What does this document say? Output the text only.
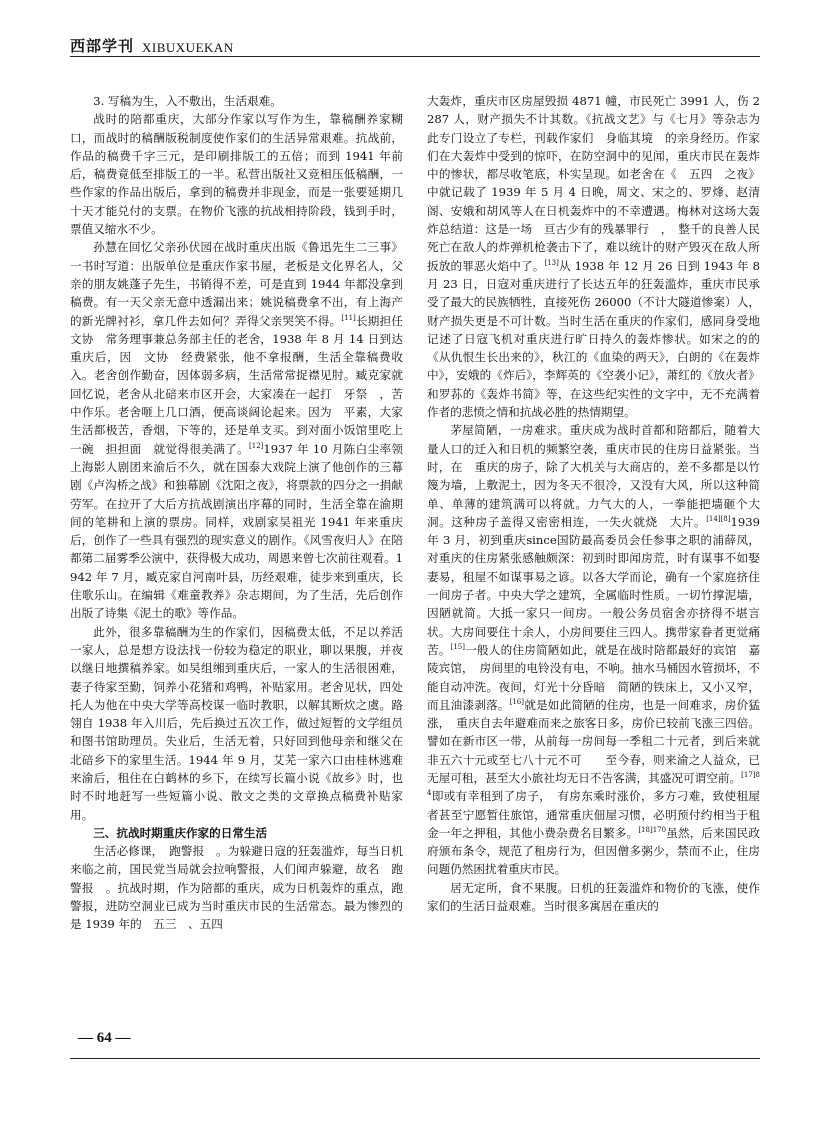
西部学刊 XIBUXUEKAN

3. 写稿为生，入不敷出，生活艰难。

战时的陪都重庆，大部分作家以写作为生，靠稿酬养家糊口，而战时的稿酬版税制度使作家们的生活异常艰难。抗战前，作品的稿费千字三元，是印刷排版工的五倍；而到 1941 年前后，稿费竟低至排版工的一半。私营出版社又竞相压低稿酬，一些作家的作品出版后，拿到的稿费并非现金，而是一张要延期几十天才能兑付的支票。在物价飞涨的抗战相持阶段，钱到手时，票值又缩水不少。

孙慧在回忆父亲孙伏园在战时重庆出版《鲁迅先生二三事》一书时写道：出版单位是重庆作家书屋，老板是文化界名人，父亲的朋友姚蓬子先生，书销得不差，可是直到 1944 年都没拿到稿费。有一天父亲无意中透漏出来；姚说稿费拿不出，有上海产的新光牌衬衫，拿几件去如何？弄得父亲哭笑不得。[11]长期担任　文协　常务理事兼总务部主任的老舍，1938 年 8 月 14 日到达重庆后，因　文协　经费紧张，他不拿报酬，生活全靠稿费收入。老舍创作勤奋，因体弱多病，生活常常捉襟见肘。臧克家就回忆说，老舍从北碚来市区开会，大家凑在一起打　牙祭　，苦中作乐。老舍咂上几口酒，便高谈阔论起来。因为　平素，大家生活都极苦，香烟，下等的，还是单支买。到对面小饭馆里吃上一碗　担担面　就觉得很美满了。[12]1937 年 10 月陈白尘率领上海影人剧团来渝后不久，就在国泰大戏院上演了他创作的三幕剧《卢沟桥之战》和独幕剧《沈阳之夜》，将票款的四分之一捐献劳军。在拉开了大后方抗战剧演出序幕的同时，生活全靠在渝期间的笔耕和上演的票房。同样，戏剧家吴祖光 1941 年来重庆后，创作了一些具有强烈的现实意义的剧作。《风雪夜归人》在陪都第二届雾季公演中，获得极大成功，周恩来曾七次前往观看。1942 年 7 月，臧克家自河南叶县，历经艰难，徒步来到重庆，长住歌乐山。在编辑《难童教养》杂志期间，为了生活，先后创作出版了诗集《泥土的歌》等作品。

此外，很多靠稿酬为生的作家们，因稿费太低，不足以养活一家人，总是想方设法找一份较为稳定的职业，聊以果腹，并夜以继日地撰稿养家。如吴组缃到重庆后，一家人的生活很困难，妻子待家至勤，饲养小花猪和鸡鸭，补贴家用。老舍见状，四处托人为他在中央大学等高校谋一临时教职，以解其断炊之虞。路翎自 1938 年入川后，先后换过五次工作，做过短暂的文学组员和图书馆助理员。失业后，生活无着，只好回到他母亲和继父在北碚乡下的家里生活。1944 年 9 月，艾芜一家六口由桂林逃难来渝后，租住在白鹤林的乡下，在续写长篇小说《故乡》时，也时不时地赶写一些短篇小说、散文之类的文章换点稿费补贴家用。

三、抗战时期重庆作家的日常生活

生活必修课，　跑警报　。为躲避日寇的狂轰滥炸，每当日机来临之前，国民党当局就会拉响警报，人们闻声躲避，故名　跑警报　。抗战时期，作为陪都的重庆，成为日机轰炸的重点，跑警报，进防空洞业已成为当时重庆市民的生活常态。最为惨烈的是 1939 年的　五三　、五四

大轰炸，重庆市区房屋毁损 4871 幢，市民死亡 3991 人，伤 2287 人，财产损失不计其数。《抗战文艺》与《七月》等杂志为此专门设立了专栏，刊载作家们　身临其境　的亲身经历。作家们在大轰炸中受到的惊吓，在防空洞中的见闻，重庆市民在轰炸中的惨状，都尽收笔底，朴实呈现。如老舍在《　五四　之夜》中就记载了 1939 年 5 月 4 日晚，周文、宋之的、罗烽、赵清阁、安娥和胡风等人在日机轰炸中的不幸遭遇。梅林对这场大轰炸总结道：这是一场　亘古少有的残暴罪行　，　整千的良善人民死亡在敌人的炸弹机枪袭击下了，难以统计的财产毁灭在敌人所扳放的罪恶火焰中了。[13]从 1938 年 12 月 26 日到 1943 年 8 月 23 日，日寇对重庆进行了长达五年的狂轰滥炸，重庆市民承受了最大的民族牺牲，直接死伤 26000（不计大隧道惨案）人，财产损失更是不可计数。当时生活在重庆的作家们，感同身受地记述了日寇飞机对重庆进行旷日持久的轰炸惨状。如宋之的的《从仇恨生长出来的》，秋江的《血染的两天》，白朗的《在轰炸中》，安娥的《炸后》，李辉英的《空袭小记》，萧红的《放火者》和罗荪的《轰炸书简》等，在这些纪实性的文字中，无不充满着作者的悲愤之情和抗战必胜的热情期望。

茅屋简陋，一房难求。重庆成为战时首都和陪都后，随着大量人口的迁入和日机的频繁空袭，重庆市民的住房日益紧张。当时，在　重庆的房子，除了大机关与大商店的，差不多都是以竹篾为墙，上敷泥土，因为冬天不很冷，又没有大风，所以这种简单、单薄的建筑满可以将就。力气大的人，一拳能把墙砸个大洞。这种房子盖得又密密相连，一失火就烧　大片。[14][8]1939 年 3 月，初到重庆since国防最高委员会任参事之职的浦薛凤，对重庆的住房紧张感触颇深：初到时即闻房荒，时有谋事不如娶妻易，租屋不如谋事易之谚。以各大学而论，确有一个家庭挤住一间房子者。中央大学之建筑，全属临时性质。一切竹撑泥墙，因陋就简。大抵一家只一间房。一般公务员宿舍亦挤得不堪言状。大房间要住十余人，小房间要住三四人。携带家眷者更觉痛苦。[15]一般人的住房简陋如此，就是在战时陪都最好的宾馆　嘉陵宾馆，　房间里的电铃没有电，不响。抽水马桶因水管损坏，不能自动冲洗。夜间，灯光十分昏暗　简陋的铁床上，又小又窄，而且油漆剥落。[16]就是如此简陋的住房，也是一间难求，房价猛涨，　重庆自去年避难而来之旅客日多，房价已较前飞涨三四倍。譬如在新市区一带，从前每一房间每一季租二十元者，到后来就非五六十元或至七八十元不可　　至今春，则来渝之人益众，已无屋可租，甚至大小旅社均无日不告客满，其盛况可谓空前。$^{[17]84}$即或有幸租到了房子，　有房东乘时涨价，多方刁难，致使租屋者甚至宁愿暂住旅馆，通常重庆佃屋习惯，必明预付约相当于租金一年之押租，其他小费杂费名目繁多。$^{[18]170}$虽然，后来国民政府颁布条令，规范了租房行为，但因僧多粥少，禁而不止，住房问题仍然困扰着重庆市民。

居无定所，食不果腹。日机的狂轰滥炸和物价的飞涨，使作家们的生活日益艰难。当时很多寓居在重庆的

— 64 —
